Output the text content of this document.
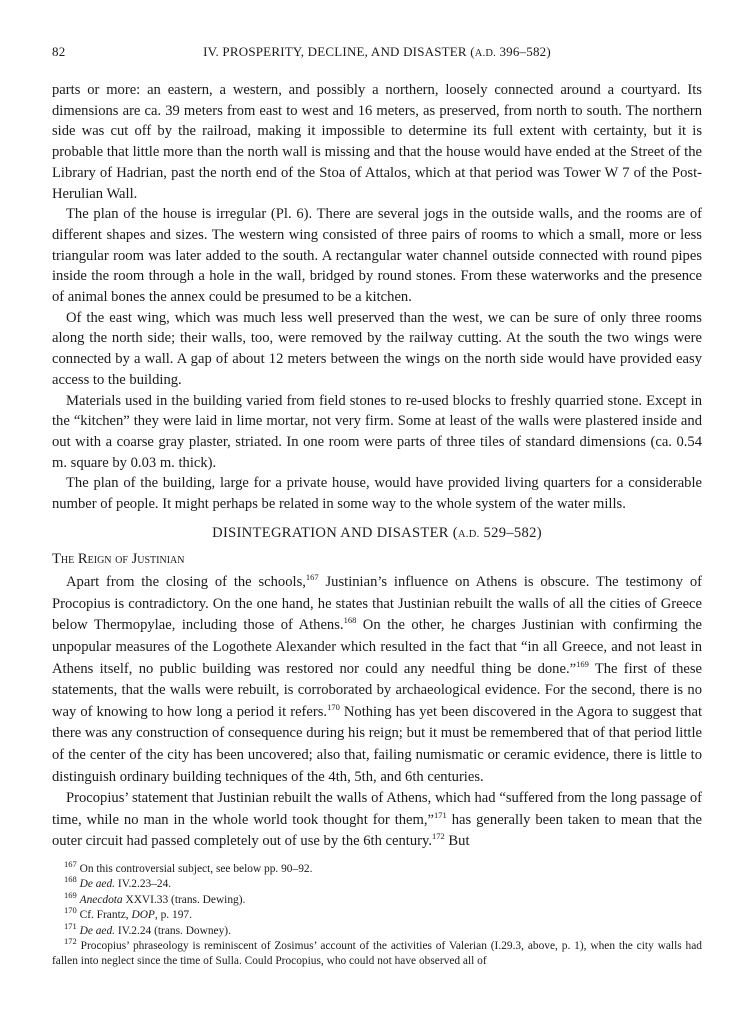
82	IV. PROSPERITY, DECLINE, AND DISASTER (A.D. 396–582)

parts or more: an eastern, a western, and possibly a northern, loosely connected around a courtyard. Its dimensions are ca. 39 meters from east to west and 16 meters, as preserved, from north to south. The northern side was cut off by the railroad, making it impossible to determine its full extent with certainty, but it is probable that little more than the north wall is missing and that the house would have ended at the Street of the Library of Hadrian, past the north end of the Stoa of Attalos, which at that period was Tower W 7 of the Post-Herulian Wall.

The plan of the house is irregular (Pl. 6). There are several jogs in the outside walls, and the rooms are of different shapes and sizes. The western wing consisted of three pairs of rooms to which a small, more or less triangular room was later added to the south. A rectangular water channel outside connected with round pipes inside the room through a hole in the wall, bridged by round stones. From these waterworks and the presence of animal bones the annex could be presumed to be a kitchen.

Of the east wing, which was much less well preserved than the west, we can be sure of only three rooms along the north side; their walls, too, were removed by the railway cutting. At the south the two wings were connected by a wall. A gap of about 12 meters between the wings on the north side would have provided easy access to the building.

Materials used in the building varied from field stones to re-used blocks to freshly quarried stone. Except in the “kitchen” they were laid in lime mortar, not very firm. Some at least of the walls were plastered inside and out with a coarse gray plaster, striated. In one room were parts of three tiles of standard dimensions (ca. 0.54 m. square by 0.03 m. thick).

The plan of the building, large for a private house, would have provided living quarters for a considerable number of people. It might perhaps be related in some way to the whole system of the water mills.

DISINTEGRATION AND DISASTER (A.D. 529–582)
The Reign of Justinian

Apart from the closing of the schools,$^{167}$ Justinian’s influence on Athens is obscure. The testimony of Procopius is contradictory. On the one hand, he states that Justinian rebuilt the walls of all the cities of Greece below Thermopylae, including those of Athens.$^{168}$ On the other, he charges Justinian with confirming the unpopular measures of the Logothete Alexander which resulted in the fact that “in all Greece, and not least in Athens itself, no public building was restored nor could any needful thing be done.”$^{169}$ The first of these statements, that the walls were rebuilt, is corroborated by archaeological evidence. For the second, there is no way of knowing to how long a period it refers.$^{170}$ Nothing has yet been discovered in the Agora to suggest that there was any construction of consequence during his reign; but it must be remembered that of that period little of the center of the city has been uncovered; also that, failing numismatic or ceramic evidence, there is little to distinguish ordinary building techniques of the 4th, 5th, and 6th centuries.

Procopius’ statement that Justinian rebuilt the walls of Athens, which had “suffered from the long passage of time, while no man in the whole world took thought for them,”$^{171}$ has generally been taken to mean that the outer circuit had passed completely out of use by the 6th century.$^{172}$ But

$^{167}$ On this controversial subject, see below pp. 90–92.

$^{168}$ De aed. IV.2.23–24.

$^{169}$ Anecdota XXVI.33 (trans. Dewing).

$^{170}$ Cf. Frantz, DOP, p. 197.

$^{171}$ De aed. IV.2.24 (trans. Downey).

$^{172}$ Procopius’ phraseology is reminiscent of Zosimus’ account of the activities of Valerian (I.29.3, above, p. 1), when the city walls had fallen into neglect since the time of Sulla. Could Procopius, who could not have observed all of
